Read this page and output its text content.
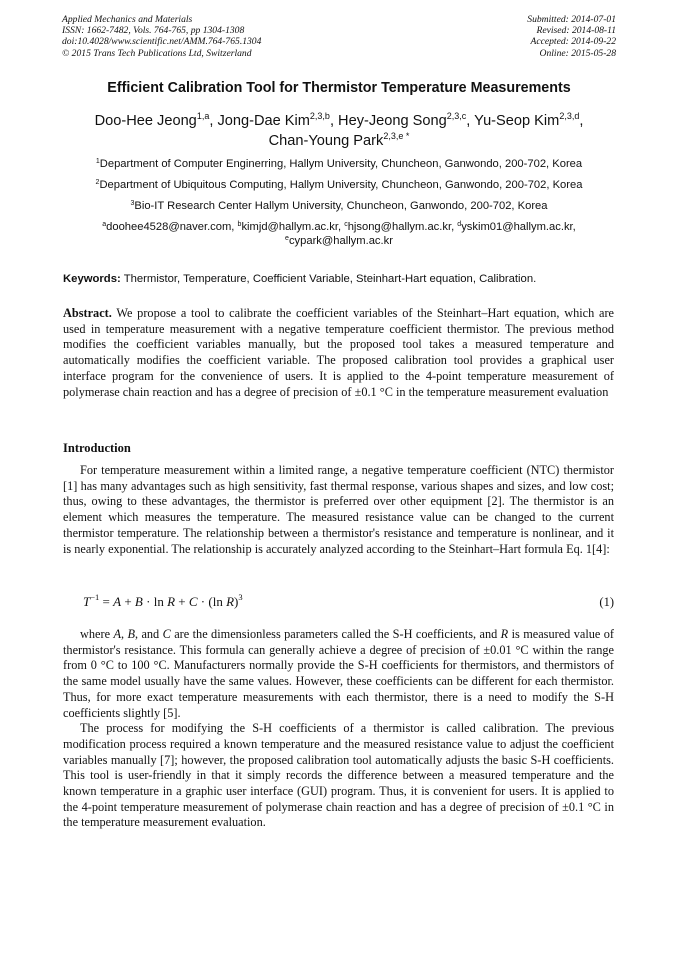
Applied Mechanics and Materials
ISSN: 1662-7482, Vols. 764-765, pp 1304-1308
doi:10.4028/www.scientific.net/AMM.764-765.1304
© 2015 Trans Tech Publications Ltd, Switzerland
Submitted: 2014-07-01
Revised: 2014-08-11
Accepted: 2014-09-22
Online: 2015-05-28
Efficient Calibration Tool for Thermistor Temperature Measurements
Doo-Hee Jeong$^{1,a}$, Jong-Dae Kim$^{2,3,b}$, Hey-Jeong Song$^{2,3,c}$, Yu-Seop Kim$^{2,3,d}$,
Chan-Young Park$^{2,3,e *}$
$^1$Department of Computer Enginerring, Hallym University, Chuncheon, Ganwondo, 200-702, Korea
$^2$Department of Ubiquitous Computing, Hallym University, Chuncheon, Ganwondo, 200-702, Korea
$^3$Bio-IT Research Center Hallym University, Chuncheon, Ganwondo, 200-702, Korea
$^a$doohee4528@naver.com, $^b$kimjd@hallym.ac.kr, $^c$hjsong@hallym.ac.kr, $^d$yskim01@hallym.ac.kr,
$^e$cypark@hallym.ac.kr
Keywords: Thermistor, Temperature, Coefficient Variable, Steinhart-Hart equation, Calibration.
Abstract. We propose a tool to calibrate the coefficient variables of the Steinhart–Hart equation, which are used in temperature measurement with a negative temperature coefficient thermistor. The previous method modifies the coefficient variables manually, but the proposed tool takes a measured temperature and automatically modifies the coefficient variable. The proposed calibration tool provides a graphical user interface program for the convenience of users. It is applied to the 4-point temperature measurement of polymerase chain reaction and has a degree of precision of ±0.1 °C in the temperature measurement evaluation
Introduction

For temperature measurement within a limited range, a negative temperature coefficient (NTC) thermistor [1] has many advantages such as high sensitivity, fast thermal response, various shapes and sizes, and low cost; thus, owing to these advantages, the thermistor is preferred over other equipment [2]. The thermistor is an element which measures the temperature. The measured resistance value can be changed to the current thermistor temperature. The relationship between a thermistor's resistance and temperature is nonlinear, and it is nearly exponential. The relationship is accurately analyzed according to the Steinhart–Hart formula Eq. 1[4]:

$T^{-1} = A + B \cdot \ln R + C \cdot (\ln$ R)$^3$	(1)

where A, B, and C are the dimensionless parameters called the S-H coefficients, and R is measured value of thermistor's resistance. This formula can generally achieve a degree of precision of ±0.01 °C within the range from 0 °C to 100 °C. Manufacturers normally provide the S-H coefficients for thermistors, and thermistors of the same model usually have the same values. However, these coefficients can be different for each thermistor. Thus, for more exact temperature measurements with each thermistor, there is a need to modify the S-H coefficients slightly [5].

The process for modifying the S-H coefficients of a thermistor is called calibration. The previous modification process required a known temperature and the measured resistance value to adjust the coefficient variables manually [7]; however, the proposed calibration tool automatically adjusts the basic S-H coefficients. This tool is user-friendly in that it simply records the difference between a measured temperature and the known temperature in a graphic user interface (GUI) program. Thus, it is convenient for users. It is applied to the 4-point temperature measurement of polymerase chain reaction and has a degree of precision of ±0.1 °C in the temperature measurement evaluation.
